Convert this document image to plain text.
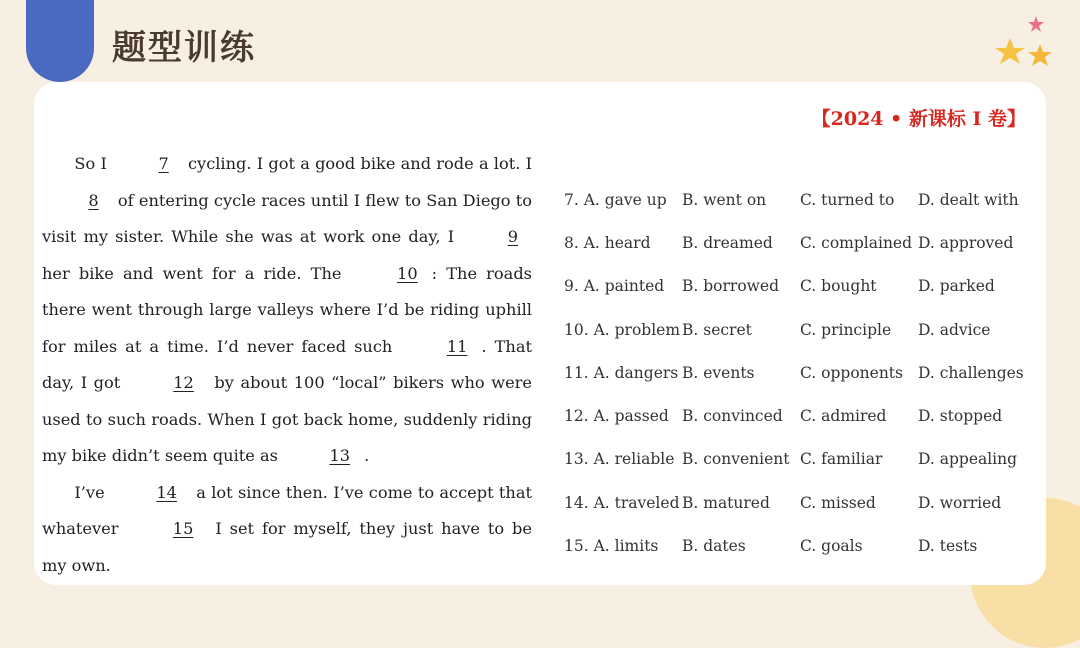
题型训练
【2024 • 新课标 I 卷】

So I	7 cycling. I got a good bike and rode a lot. I 8 of entering cycle races until I flew to San Diego to visit my sister. While she was at work one day, I	9 her bike and went for a ride. The	10 : The roads there went through large valleys where I’d be riding uphill for miles at a time. I’d never faced such	11 . That day, I got	12 by about 100 “local” bikers who were used to such roads. When I got back home, suddenly riding my bike didn’t seem quite as	13 .

I’ve	14 a lot since then. I’ve come to accept that whatever	15 I set for myself, they just have to be my own.

7. A. gave up B. went on	C. turned to	D. dealt with
8. A. heard	B. dreamed	C. complained D. approved
9. A. painted	B. borrowed	C. bought	D. parked
10. A. problem B. secret	C. principle	D. advice
11. A. dangers B. events	C. opponents D. challenges
12. A. passed B. convinced	C. admired	D. stopped
13. A. reliable B. convenient C. familiar	D. appealing
14. A. traveled B. matured	C. missed	D. worried
15. A. limits	B. dates	C. goals	D. tests
